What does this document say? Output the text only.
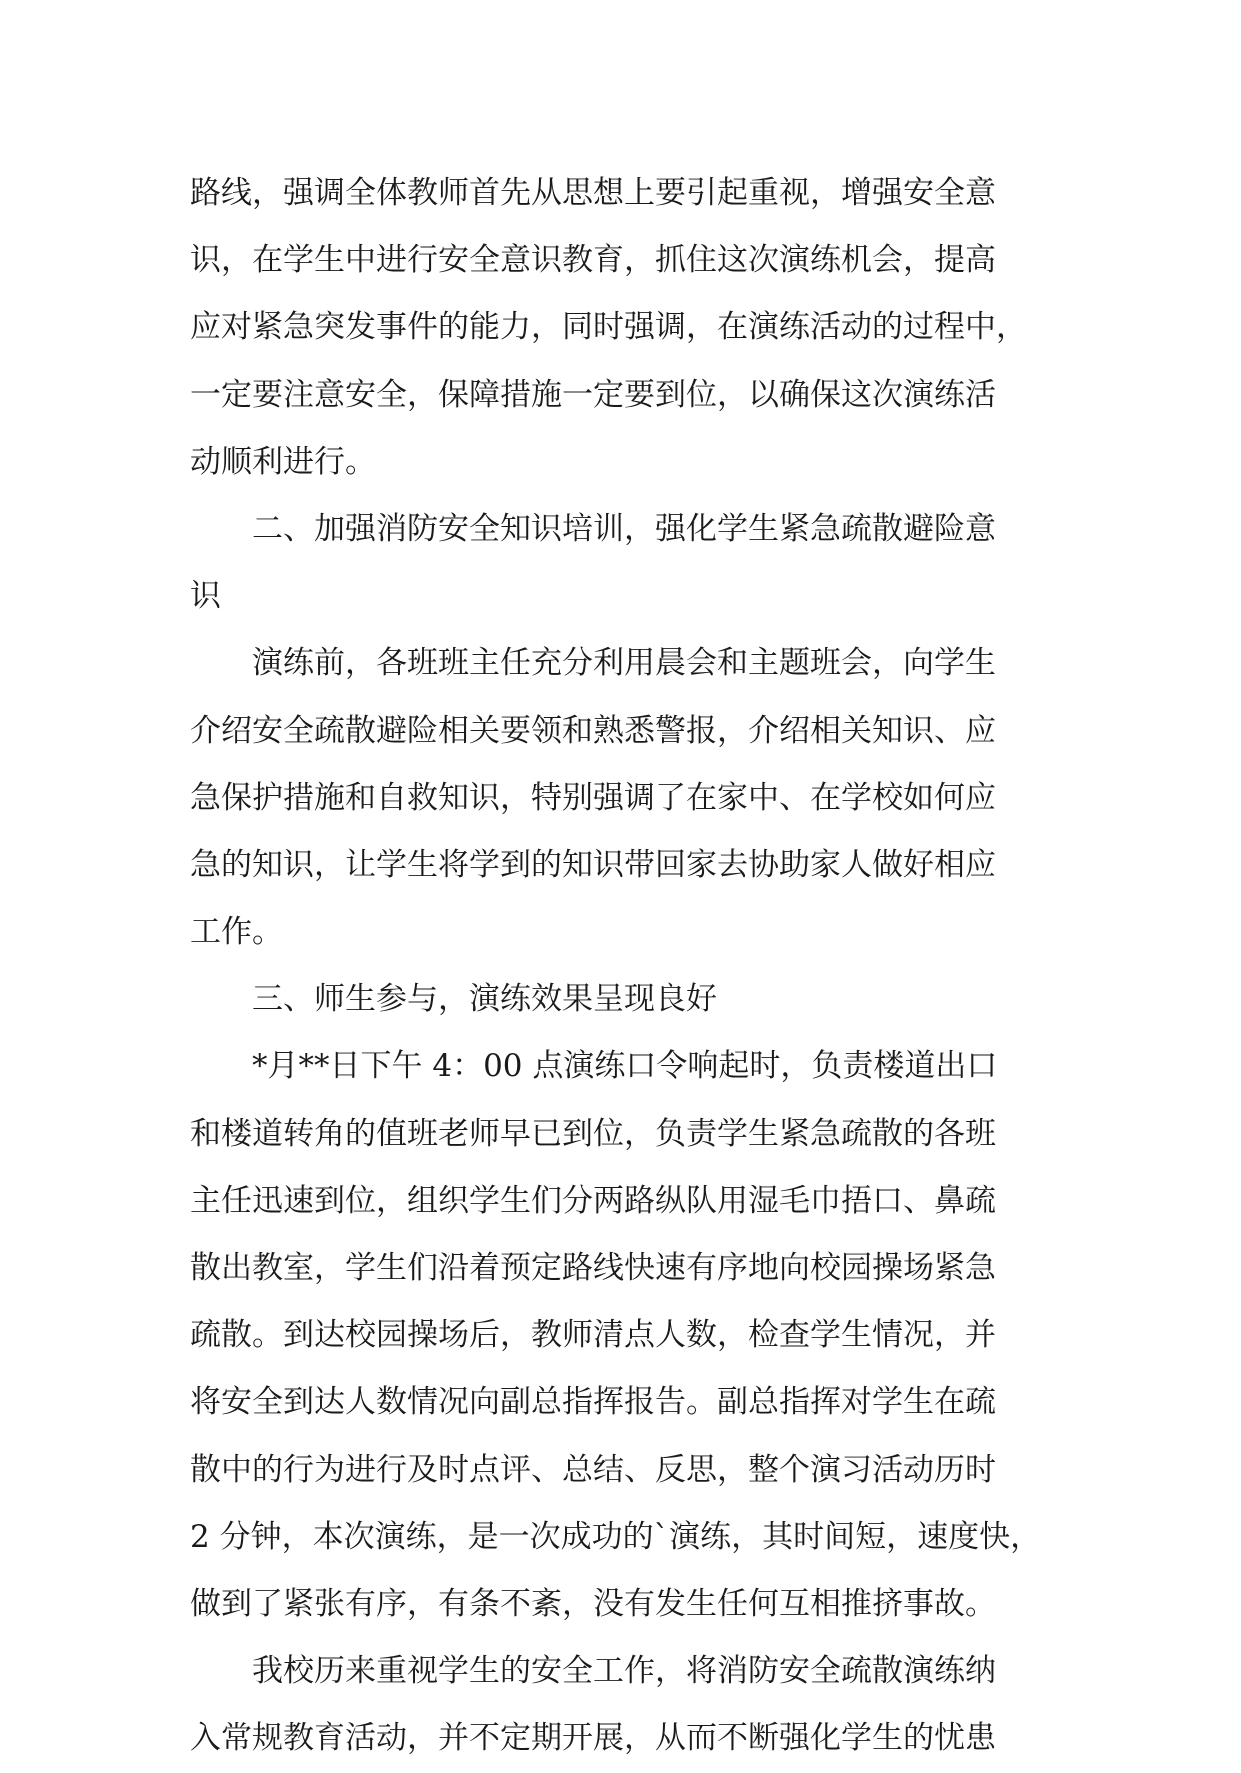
路线，强调全体教师首先从思想上要引起重视，增强安全意
识，在学生中进行安全意识教育，抓住这次演练机会，提高
应对紧急突发事件的能力，同时强调，在演练活动的过程中，
一定要注意安全，保障措施一定要到位，以确保这次演练活
动顺利进行。
　　二、加强消防安全知识培训，强化学生紧急疏散避险意
识
　　演练前，各班班主任充分利用晨会和主题班会，向学生
介绍安全疏散避险相关要领和熟悉警报，介绍相关知识、应
急保护措施和自救知识，特别强调了在家中、在学校如何应
急的知识，让学生将学到的知识带回家去协助家人做好相应
工作。
　　三、师生参与，演练效果呈现良好
　　*月**日下午 4：00 点演练口令响起时，负责楼道出口
和楼道转角的值班老师早已到位，负责学生紧急疏散的各班
主任迅速到位，组织学生们分两路纵队用湿毛巾捂口、鼻疏
散出教室，学生们沿着预定路线快速有序地向校园操场紧急
疏散。到达校园操场后，教师清点人数，检查学生情况，并
将安全到达人数情况向副总指挥报告。副总指挥对学生在疏
散中的行为进行及时点评、总结、反思，整个演习活动历时
2 分钟，本次演练，是一次成功的`演练，其时间短，速度快，
做到了紧张有序，有条不紊，没有发生任何互相推挤事故。
　　我校历来重视学生的安全工作，将消防安全疏散演练纳
入常规教育活动，并不定期开展，从而不断强化学生的忧患
